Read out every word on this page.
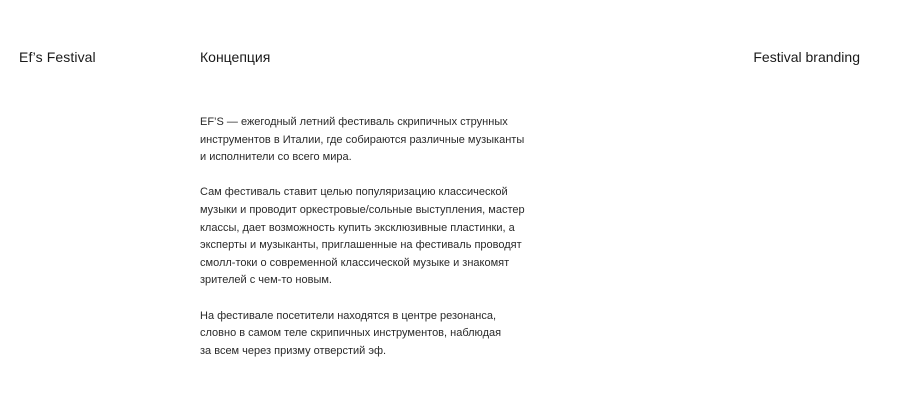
Ef’s Festival	Концепция	Festival branding

EF’S — ежегодный летний фестиваль скрипичных струнных
инструментов в Италии, где собираются различные музыканты
и исполнители со всего мира.

Сам фестиваль ставит целью популяризацию классической
музыки и проводит оркестровые/сольные выступления, мастер
классы, дает возможность купить эксклюзивные пластинки, а
эксперты и музыканты, приглашенные на фестиваль проводят
смолл-токи о современной классической музыке и знакомят
зрителей с чем-то новым.

На фестивале посетители находятся в центре резонанса,
словно в самом теле скрипичных инструментов, наблюдая
за всем через призму отверстий эф.
